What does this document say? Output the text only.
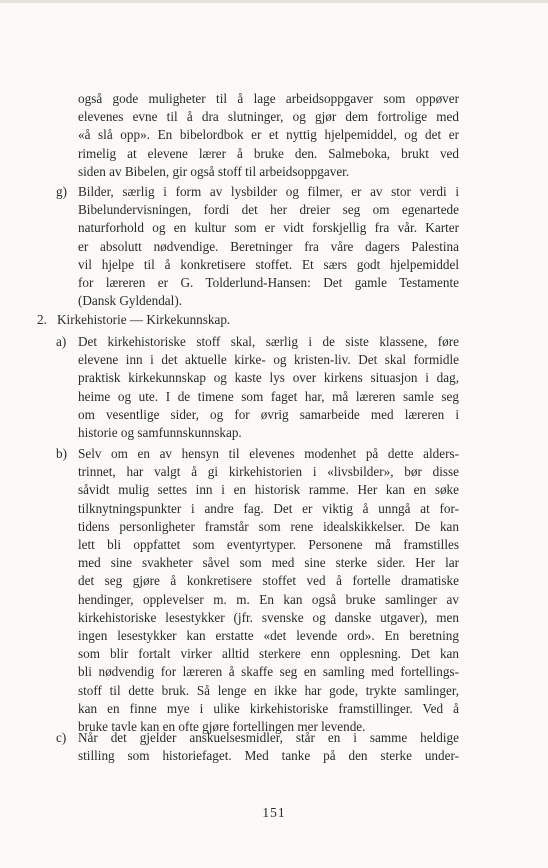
også gode muligheter til å lage arbeidsoppgaver som oppøver
elevenes evne til å dra slutninger, og gjør dem fortrolige med
«å slå opp». En bibelordbok er et nyttig hjelpemiddel, og det er
rimelig at elevene lærer å bruke den. Salmeboka, brukt ved
siden av Bibelen, gir også stoff til arbeidsoppgaver.
g) Bilder, særlig i form av lysbilder og filmer, er av stor verdi i
Bibelundervisningen, fordi det her dreier seg om egenartede
naturforhold og en kultur som er vidt forskjellig fra vår. Karter
er absolutt nødvendige. Beretninger fra våre dagers Palestina
vil hjelpe til å konkretisere stoffet. Et særs godt hjelpemiddel
for læreren er G. Tolderlund-Hansen: Det gamle Testamente
(Dansk Gyldendal).
2. Kirkehistorie — Kirkekunnskap.
a) Det kirkehistoriske stoff skal, særlig i de siste klassene, føre
elevene inn i det aktuelle kirke- og kristen-liv. Det skal formidle
praktisk kirkekunnskap og kaste lys over kirkens situasjon i dag,
heime og ute. I de timene som faget har, må læreren samle seg
om vesentlige sider, og for øvrig samarbeide med læreren i
historie og samfunnskunnskap.
b) Selv om en av hensyn til elevenes modenhet på dette alders-
trinnet, har valgt å gi kirkehistorien i «livsbilder», bør disse
såvidt mulig settes inn i en historisk ramme. Her kan en søke
tilknytningspunkter i andre fag. Det er viktig å unngå at for-
tidens personligheter framstår som rene idealskikkelser. De kan
lett bli oppfattet som eventyrtyper. Personene må framstilles
med sine svakheter såvel som med sine sterke sider. Her lar
det seg gjøre å konkretisere stoffet ved å fortelle dramatiske
hendinger, opplevelser m. m. En kan også bruke samlinger av
kirkehistoriske lesestykker (jfr. svenske og danske utgaver), men
ingen lesestykker kan erstatte «det levende ord». En beretning
som blir fortalt virker alltid sterkere enn opplesning. Det kan
bli nødvendig for læreren å skaffe seg en samling med fortellings-
stoff til dette bruk. Så lenge en ikke har gode, trykte samlinger,
kan en finne mye i ulike kirkehistoriske framstillinger. Ved å
bruke tavle kan en ofte gjøre fortellingen mer levende.
c) Når det gjelder anskuelsesmidler, står en i samme heldige
stilling som historiefaget. Med tanke på den sterke under-
151
